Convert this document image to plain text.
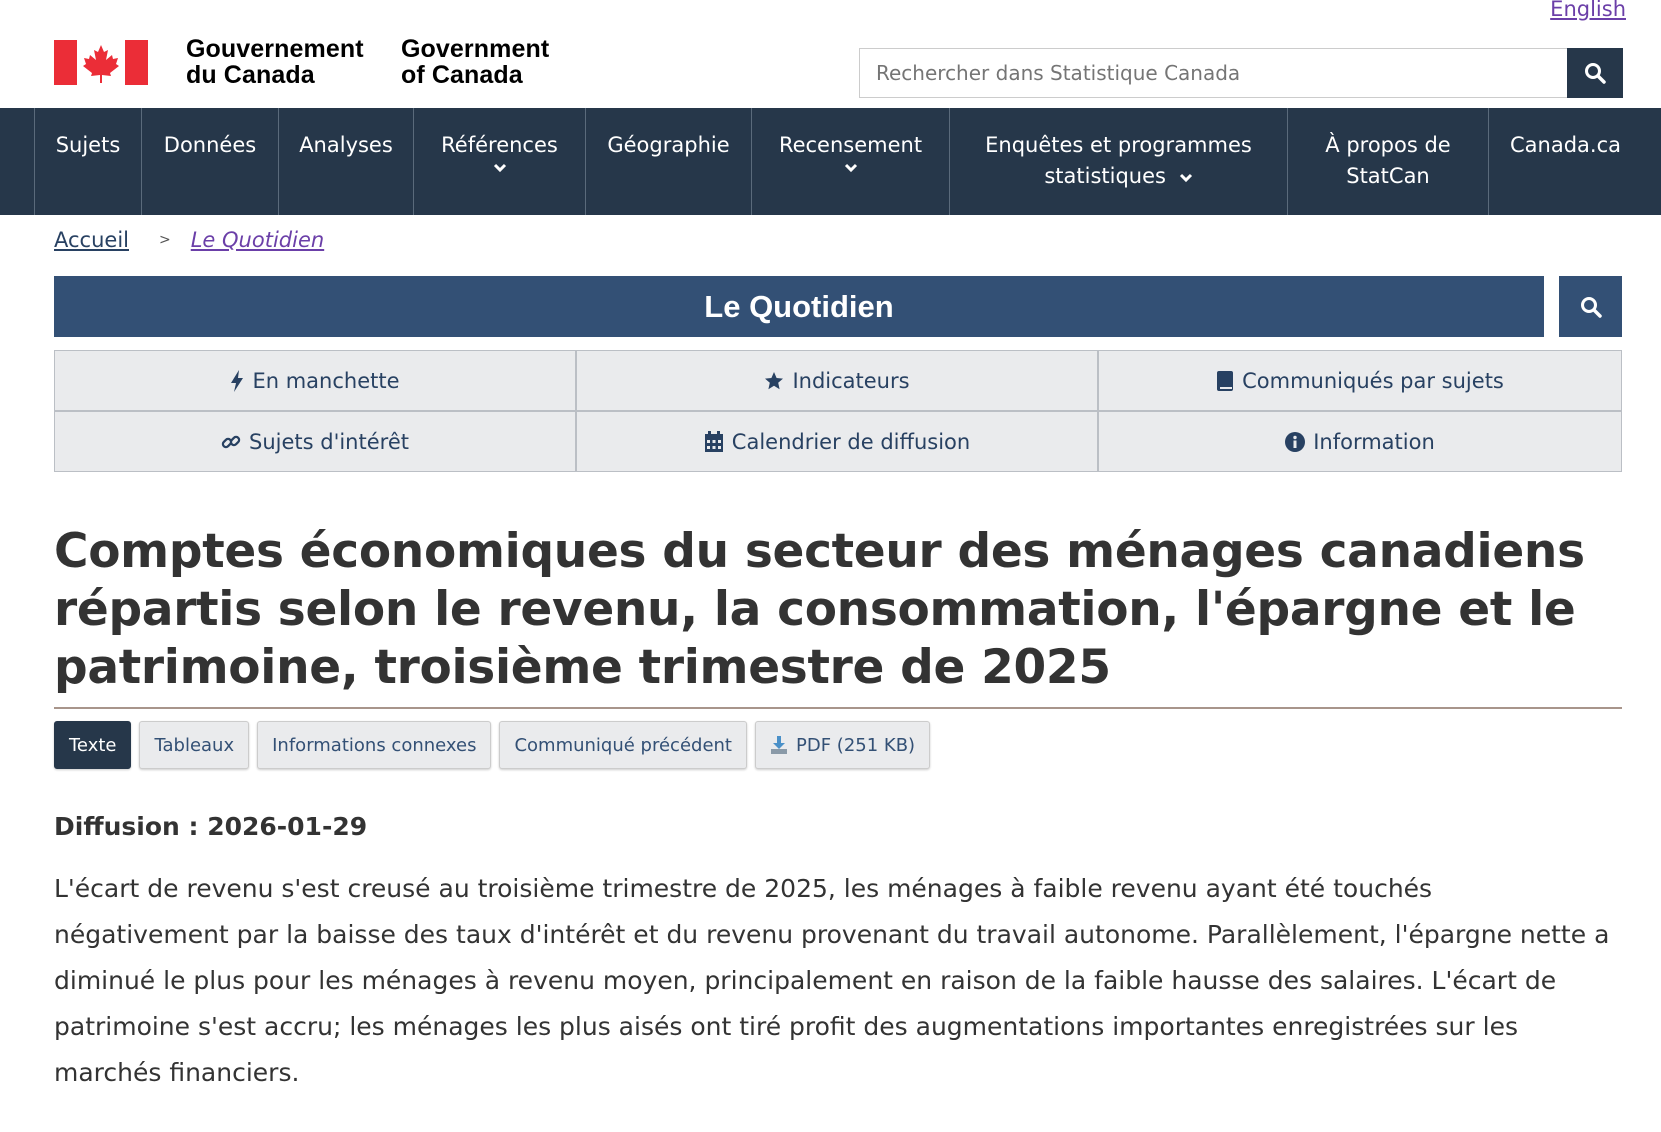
English
Gouvernement
du Canada
Government
of Canada
Rechercher dans Statistique Canada
Sujets	Données	Analyses	Références	Géographie	Recensement	Enquêtes et programmes
statistiques
À propos de
StatCan
Canada.ca
Accueil > Le Quotidien
Le Quotidien
En manchette	Indicateurs	Communiqués par sujets
Sujets d'intérêt	Calendrier de diffusion	Information
Comptes économiques du secteur des ménages canadiens répartis selon le revenu, la consommation, l'épargne et le patrimoine, troisième trimestre de 2025
Texte Tableaux Informations connexes Communiqué précédent	PDF (251 KB)
Diffusion : 2026-01-29

L'écart de revenu s'est creusé au troisième trimestre de 2025, les ménages à faible revenu ayant été touchés négativement par la baisse des taux d'intérêt et du revenu provenant du travail autonome. Parallèlement, l'épargne nette a diminué le plus pour les ménages à revenu moyen, principalement en raison de la faible hausse des salaires. L'écart de patrimoine s'est accru; les ménages les plus aisés ont tiré profit des augmentations importantes enregistrées sur les marchés financiers.
